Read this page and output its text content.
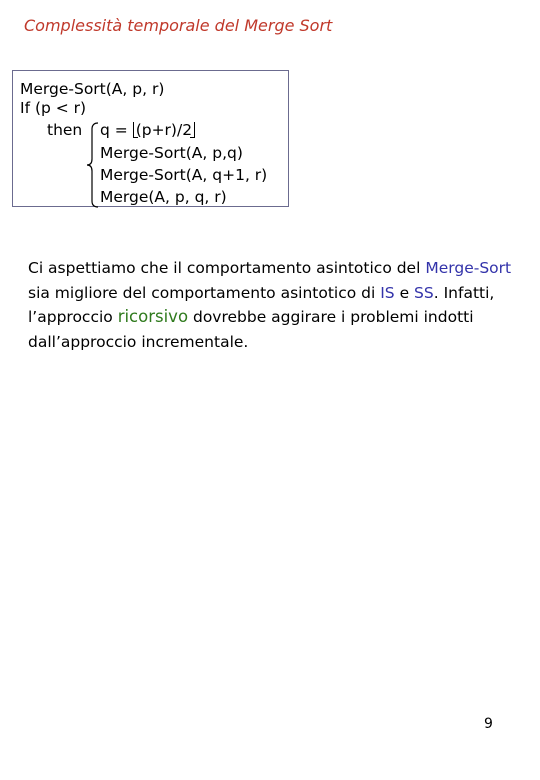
Complessità temporale del Merge Sort
Merge-Sort(A, p, r)
If (p < r)
then q = (p+r)/2
Merge-Sort(A, p,q)
Merge-Sort(A, q+1, r)
Merge(A, p, q, r)
Ci aspettiamo che il comportamento asintotico del Merge-Sort sia migliore del comportamento asintotico di IS e SS. Infatti, l’approccio ricorsivo dovrebbe aggirare i problemi indotti dall’approccio incrementale.
9
